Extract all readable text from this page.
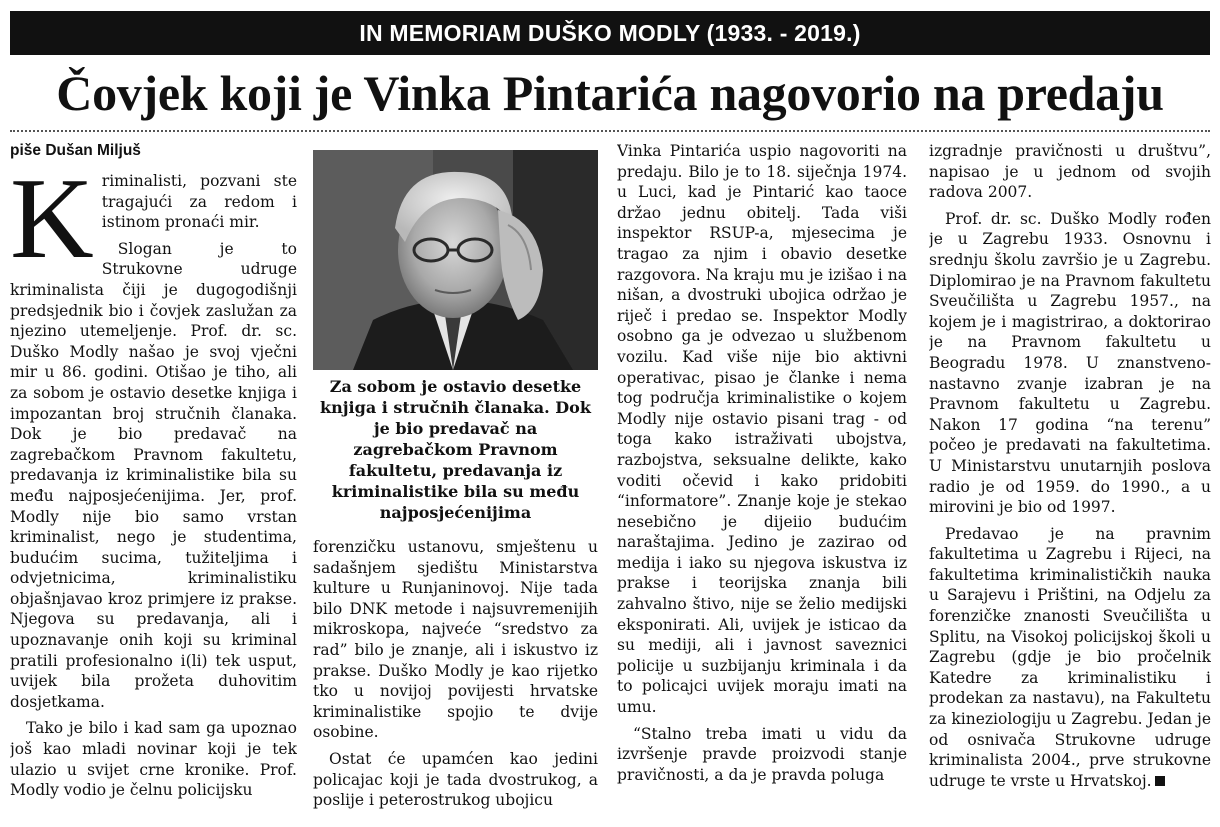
IN MEMORIAM DUŠKO MODLY (1933. - 2019.)
Čovjek koji je Vinka Pintarića nagovorio na predaju
piše Dušan Miljuš

Kriminalisti, pozvani ste tragajući za redom i istinom pronaći mir.

Slogan je to Strukovne udruge kriminalista čiji je dugogodišnji predsjednik bio i čovjek zaslužan za njezino utemeljenje. Prof. dr. sc. Duško Modly našao je svoj vječni mir u 86. godini. Otišao je tiho, ali za sobom je ostavio desetke knjiga i impozantan broj stručnih članaka. Dok je bio predavač na zagrebačkom Pravnom fakultetu, predavanja iz kriminalistike bila su među najposjećenijima. Jer, prof. Modly nije bio samo vrstan kriminalist, nego je studentima, budućim sucima, tužiteljima i odvjetnicima, kriminalistiku objašnjavao kroz primjere iz prakse. Njegova su predavanja, ali i upoznavanje onih koji su kriminal pratili profesionalno i(li) tek usput, uvijek bila prožeta duhovitim dosjetkama.

Tako je bilo i kad sam ga upoznao još kao mladi novinar koji je tek ulazio u svijet crne kronike. Prof. Modly vodio je čelnu policijsku

Za sobom je ostavio desetke knjiga i stručnih članaka. Dok je bio predavač na zagrebačkom Pravnom fakultetu, predavanja iz kriminalistike bila su među najposjećenijima

forenzičku ustanovu, smještenu u sadašnjem sjedištu Ministarstva kulture u Runjaninovoj. Nije tada bilo DNK metode i najsuvremenijih mikroskopa, najveće “sredstvo za rad” bilo je znanje, ali i iskustvo iz prakse. Duško Modly je kao rijetko tko u novijoj povijesti hrvatske kriminalistike spojio te dvije osobine.

Ostat će upamćen kao jedini policajac koji je tada dvostrukog, a poslije i peterostrukog ubojicu

Vinka Pintarića uspio nagovoriti na predaju. Bilo je to 18. siječnja 1974. u Luci, kad je Pintarić kao taoce držao jednu obitelj. Tada viši inspektor RSUP-a, mjesecima je tragao za njim i obavio desetke razgovora. Na kraju mu je izišao i na nišan, a dvostruki ubojica održao je riječ i predao se. Inspektor Modly osobno ga je odvezao u službenom vozilu. Kad više nije bio aktivni operativac, pisao je članke i nema tog područja kriminalistike o kojem Modly nije ostavio pisani trag - od toga kako istraživati ubojstva, razbojstva, seksualne delikte, kako voditi očevid i kako pridobiti “informatore”. Znanje koje je stekao nesebično je dijeiio budućim naraštajima. Jedino je zazirao od medija i iako su njegova iskustva iz prakse i teorijska znanja bili zahvalno štivo, nije se želio medijski eksponirati. Ali, uvijek je isticao da su mediji, ali i javnost saveznici policije u suzbijanju kriminala i da to policajci uvijek moraju imati na umu.

“Stalno treba imati u vidu da izvršenje pravde proizvodi stanje pravičnosti, a da je pravda poluga

izgradnje pravičnosti u društvu”, napisao je u jednom od svojih radova 2007.

Prof. dr. sc. Duško Modly rođen je u Zagrebu 1933. Osnovnu i srednju školu završio je u Zagrebu. Diplomirao je na Pravnom fakultetu Sveučilišta u Zagrebu 1957., na kojem je i magistrirao, a doktorirao je na Pravnom fakultetu u Beogradu 1978. U znanstveno-nastavno zvanje izabran je na Pravnom fakultetu u Zagrebu. Nakon 17 godina “na terenu” počeo je predavati na fakultetima. U Ministarstvu unutarnjih poslova radio je od 1959. do 1990., a u mirovini je bio od 1997.

Predavao je na pravnim fakultetima u Zagrebu i Rijeci, na fakultetima kriminalističkih nauka u Sarajevu i Prištini, na Odjelu za forenzičke znanosti Sveučilišta u Splitu, na Visokoj policijskoj školi u Zagrebu (gdje je bio pročelnik Katedre za kriminalistiku i prodekan za nastavu), na Fakultetu za kineziologiju u Zagrebu. Jedan je od osnivača Strukovne udruge kriminalista 2004., prve strukovne udruge te vrste u Hrvatskoj.
